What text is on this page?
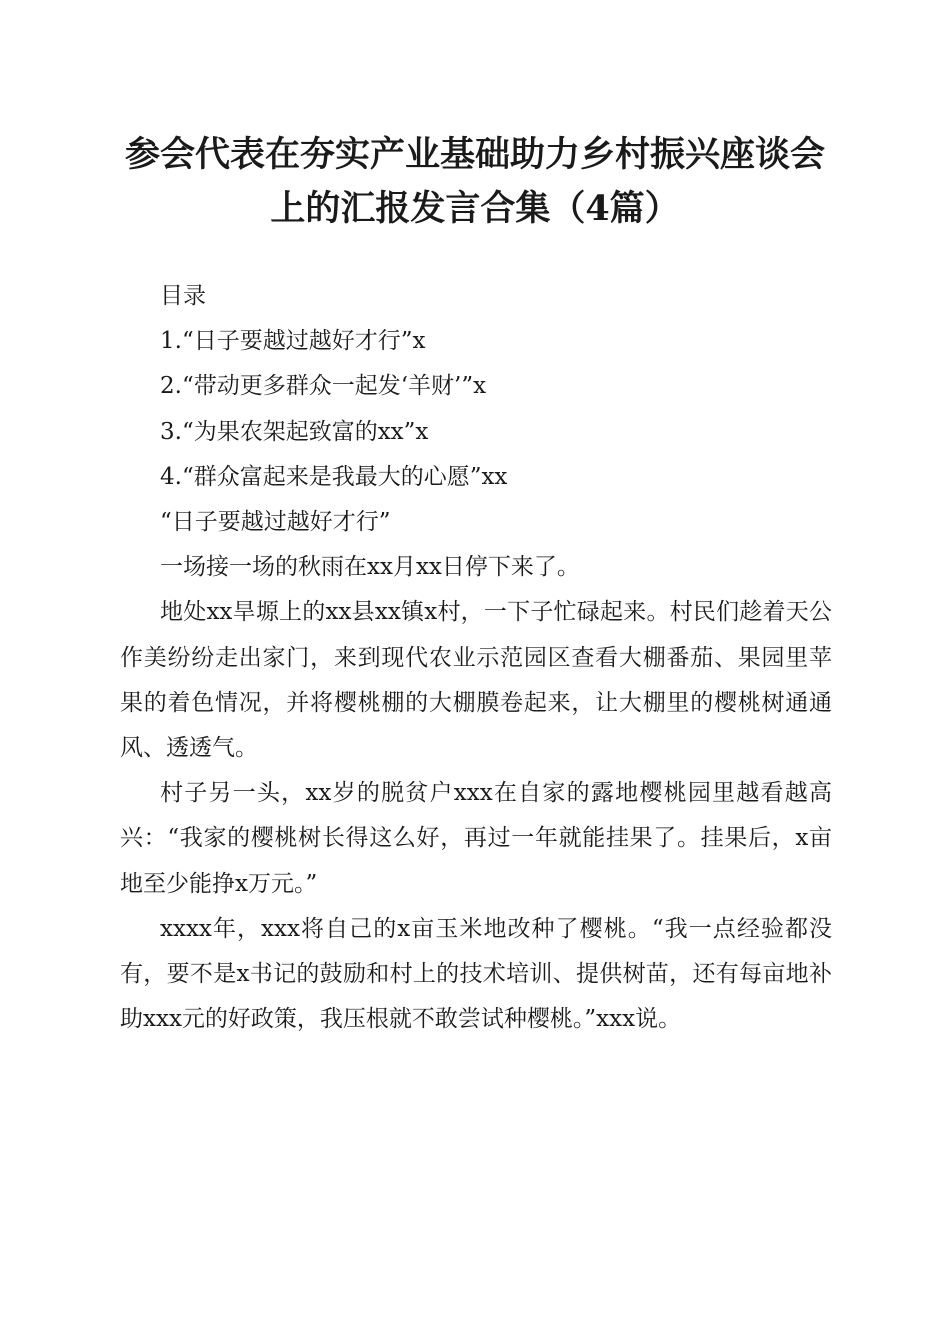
参会代表在夯实产业基础助力乡村振兴座谈会
上的汇报发言合集（4篇）

目录

1.“日子要越过越好才行”x

2.“带动更多群众一起发‘羊财’”x

3.“为果农架起致富的xx”x

4.“群众富起来是我最大的心愿”xx

“日子要越过越好才行”

一场接一场的秋雨在xx月xx日停下来了。

地处xx旱塬上的xx县xx镇x村，一下子忙碌起来。村民们趁着天公作美纷纷走出家门，来到现代农业示范园区查看大棚番茄、果园里苹果的着色情况，并将樱桃棚的大棚膜卷起来，让大棚里的樱桃树通通风、透透气。

村子另一头，xx岁的脱贫户xxx在自家的露地樱桃园里越看越高兴：“我家的樱桃树长得这么好，再过一年就能挂果了。挂果后，x亩地至少能挣x万元。”

xxxx年，xxx将自己的x亩玉米地改种了樱桃。“我一点经验都没有，要不是x书记的鼓励和村上的技术培训、提供树苗，还有每亩地补助xxx元的好政策，我压根就不敢尝试种樱桃。”xxx说。
